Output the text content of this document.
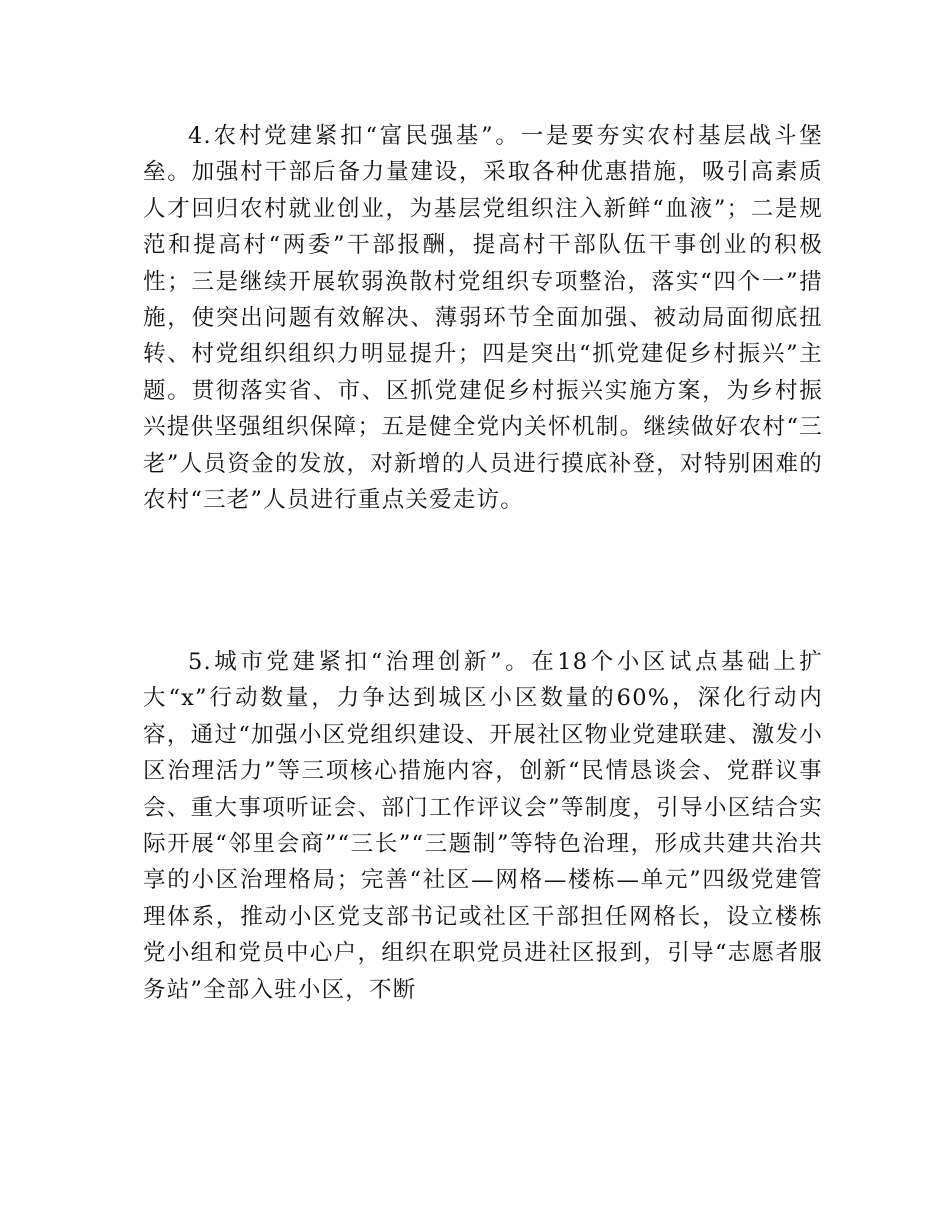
4.农村党建紧扣“富民强基”。一是要夯实农村基层战斗堡垒。加强村干部后备力量建设，采取各种优惠措施，吸引高素质人才回归农村就业创业，为基层党组织注入新鲜“血液”；二是规范和提高村“两委”干部报酬，提高村干部队伍干事创业的积极性；三是继续开展软弱涣散村党组织专项整治，落实“四个一”措施，使突出问题有效解决、薄弱环节全面加强、被动局面彻底扭转、村党组织组织力明显提升；四是突出“抓党建促乡村振兴”主题。贯彻落实省、市、区抓党建促乡村振兴实施方案，为乡村振兴提供坚强组织保障；五是健全党内关怀机制。继续做好农村“三老”人员资金的发放，对新增的人员进行摸底补登，对特别困难的农村“三老”人员进行重点关爱走访。

5.城市党建紧扣“治理创新”。在18个小区试点基础上扩大“x”行动数量，力争达到城区小区数量的60%，深化行动内容，通过“加强小区党组织建设、开展社区物业党建联建、激发小区治理活力”等三项核心措施内容，创新“民情恳谈会、党群议事会、重大事项听证会、部门工作评议会”等制度，引导小区结合实际开展“邻里会商”“三长”“三题制”等特色治理，形成共建共治共享的小区治理格局；完善“社区—网格—楼栋—单元”四级党建管理体系，推动小区党支部书记或社区干部担任网格长，设立楼栋党小组和党员中心户，组织在职党员进社区报到，引导“志愿者服务站”全部入驻小区，不断
